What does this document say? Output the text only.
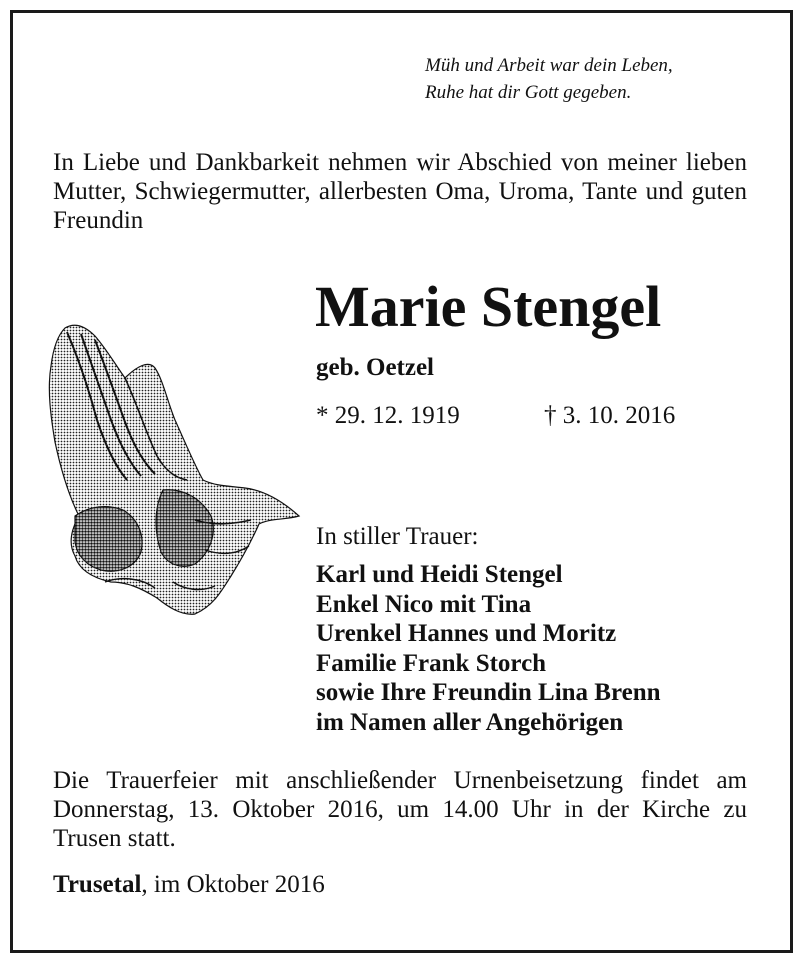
Müh und Arbeit war dein Leben,
Ruhe hat dir Gott gegeben.
In Liebe und Dankbarkeit nehmen wir Abschied von meiner lieben Mutter, Schwiegermutter, allerbesten Oma, Uroma, Tante und guten Freundin
Marie Stengel
geb. Oetzel
* 29. 12. 1919	† 3. 10. 2016
In stiller Trauer:
Karl und Heidi Stengel
Enkel Nico mit Tina
Urenkel Hannes und Moritz
Familie Frank Storch
sowie Ihre Freundin Lina Brenn
im Namen aller Angehörigen
Die Trauerfeier mit anschließender Urnenbeisetzung findet am Donnerstag, 13. Oktober 2016, um 14.00 Uhr in der Kirche zu Trusen statt.
Trusetal, im Oktober 2016
